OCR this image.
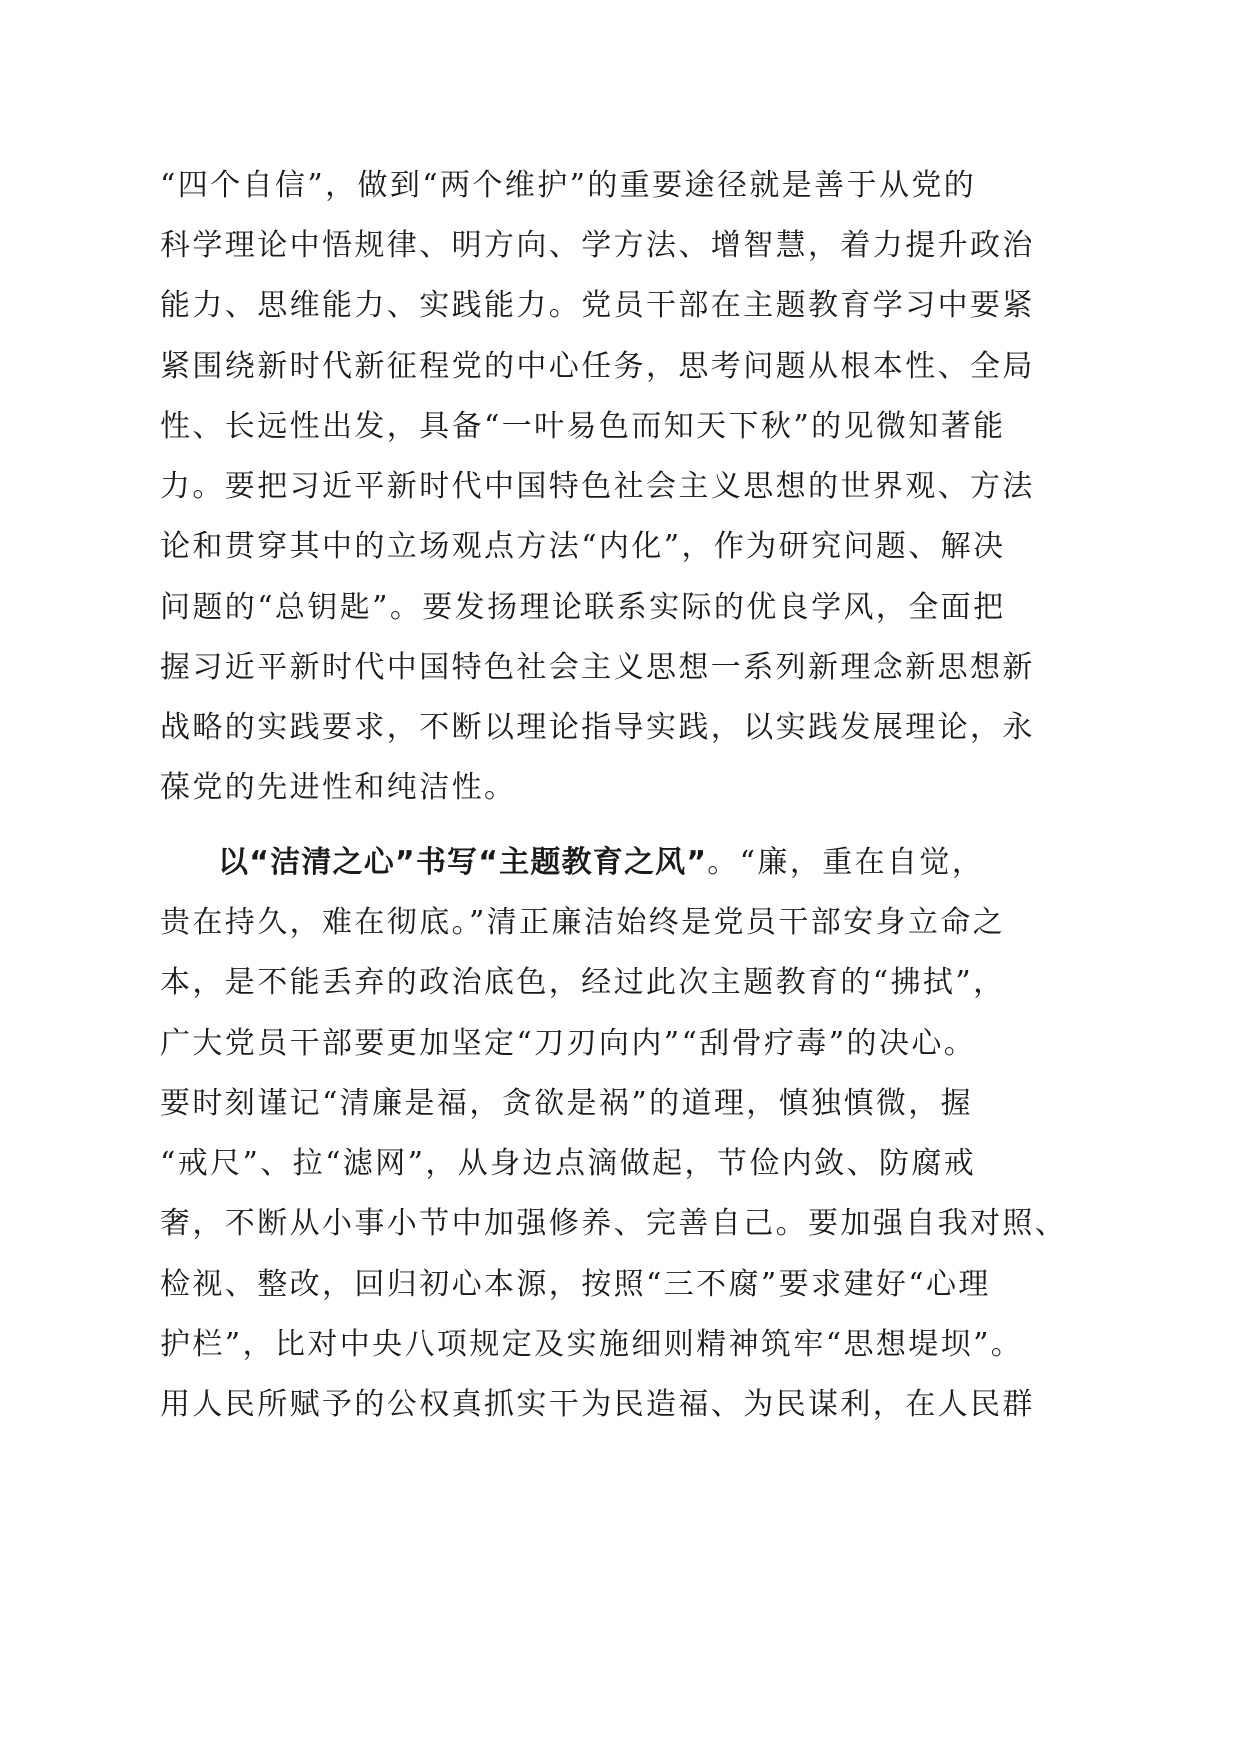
“四个自信”，做到“两个维护”的重要途径就是善于从党的
科学理论中悟规律、明方向、学方法、增智慧，着力提升政治
能力、思维能力、实践能力。党员干部在主题教育学习中要紧
紧围绕新时代新征程党的中心任务，思考问题从根本性、全局
性、长远性出发，具备“一叶易色而知天下秋”的见微知著能
力。要把习近平新时代中国特色社会主义思想的世界观、方法
论和贯穿其中的立场观点方法“内化”，作为研究问题、解决
问题的“总钥匙”。要发扬理论联系实际的优良学风，全面把
握习近平新时代中国特色社会主义思想一系列新理念新思想新
战略的实践要求，不断以理论指导实践，以实践发展理论，永
葆党的先进性和纯洁性。
以“洁清之心”书写“主题教育之风”。“廉，重在自觉，
贵在持久，难在彻底。”清正廉洁始终是党员干部安身立命之
本，是不能丢弃的政治底色，经过此次主题教育的“拂拭”，
广大党员干部要更加坚定“刀刃向内”“刮骨疗毒”的决心。
要时刻谨记“清廉是福，贪欲是祸”的道理，慎独慎微，握
“戒尺”、拉“滤网”，从身边点滴做起，节俭内敛、防腐戒
奢，不断从小事小节中加强修养、完善自己。要加强自我对照、
检视、整改，回归初心本源，按照“三不腐”要求建好“心理
护栏”，比对中央八项规定及实施细则精神筑牢“思想堤坝”。
用人民所赋予的公权真抓实干为民造福、为民谋利，在人民群
